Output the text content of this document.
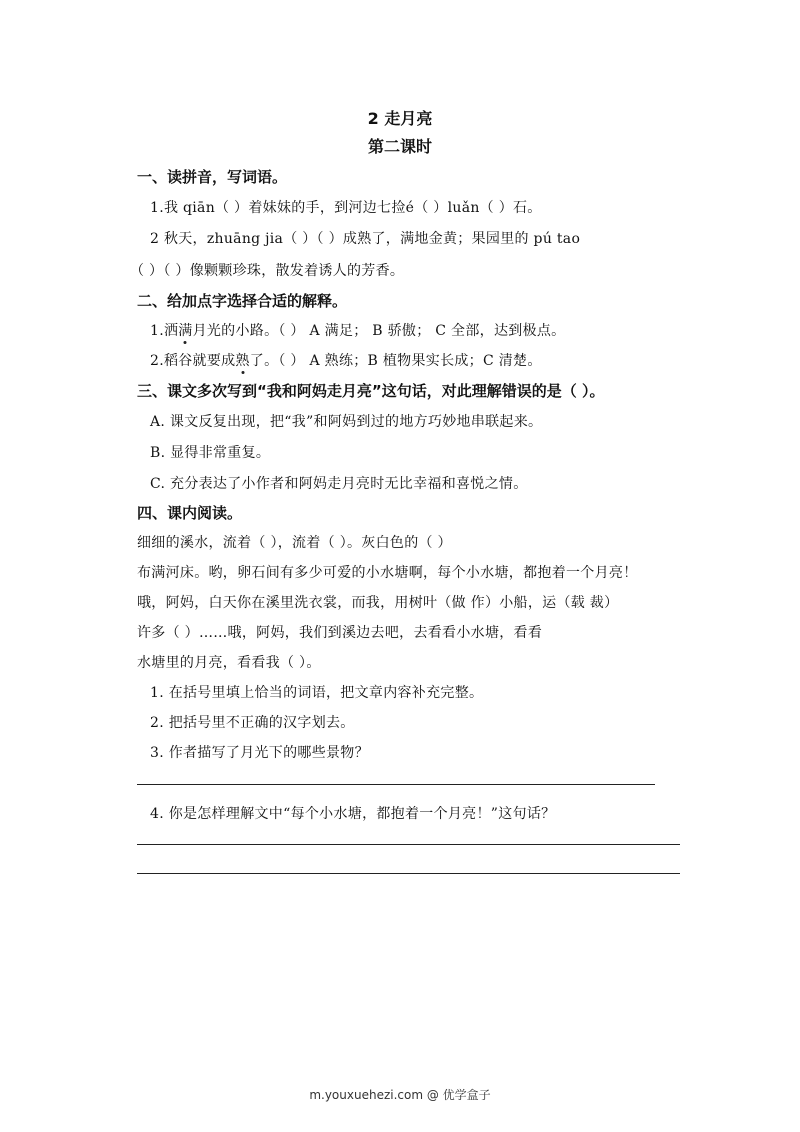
2 走月亮
第二课时
一、读拼音，写词语。
1.我 qiān（ ）着妹妹的手，到河边七捡é（ ）luǎn（ ）石。
2 秋天，zhuāng jia（ ）（ ）成熟了，满地金黄；果园里的 pú tao
（ ）（ ）像颗颗珍珠，散发着诱人的芳香。
二、给加点字选择合适的解释。
1.洒满月光的小路。（ ） A 满足； B 骄傲； C 全部，达到极点。
2.稻谷就要成熟了。（ ） A 熟练；B 植物果实长成；C 清楚。
三、课文多次写到“我和阿妈走月亮”这句话，对此理解错误的是（ ）。
A. 课文反复出现，把“我”和阿妈到过的地方巧妙地串联起来。
B. 显得非常重复。
C. 充分表达了小作者和阿妈走月亮时无比幸福和喜悦之情。
四、课内阅读。
细细的溪水，流着（ ），流着（ ）。灰白色的（ ）
布满河床。哟，卵石间有多少可爱的小水塘啊，每个小水塘，都抱着一个月亮！
哦，阿妈，白天你在溪里洗衣裳，而我，用树叶（做 作）小船，运（载 裁）
许多（ ）……哦，阿妈，我们到溪边去吧，去看看小水塘，看看
水塘里的月亮，看看我（ ）。
1. 在括号里填上恰当的词语，把文章内容补充完整。
2. 把括号里不正确的汉字划去。
3. 作者描写了月光下的哪些景物？
4. 你是怎样理解文中“每个小水塘，都抱着一个月亮！”这句话？
m.youxuehezi.com @ 优学盒子
